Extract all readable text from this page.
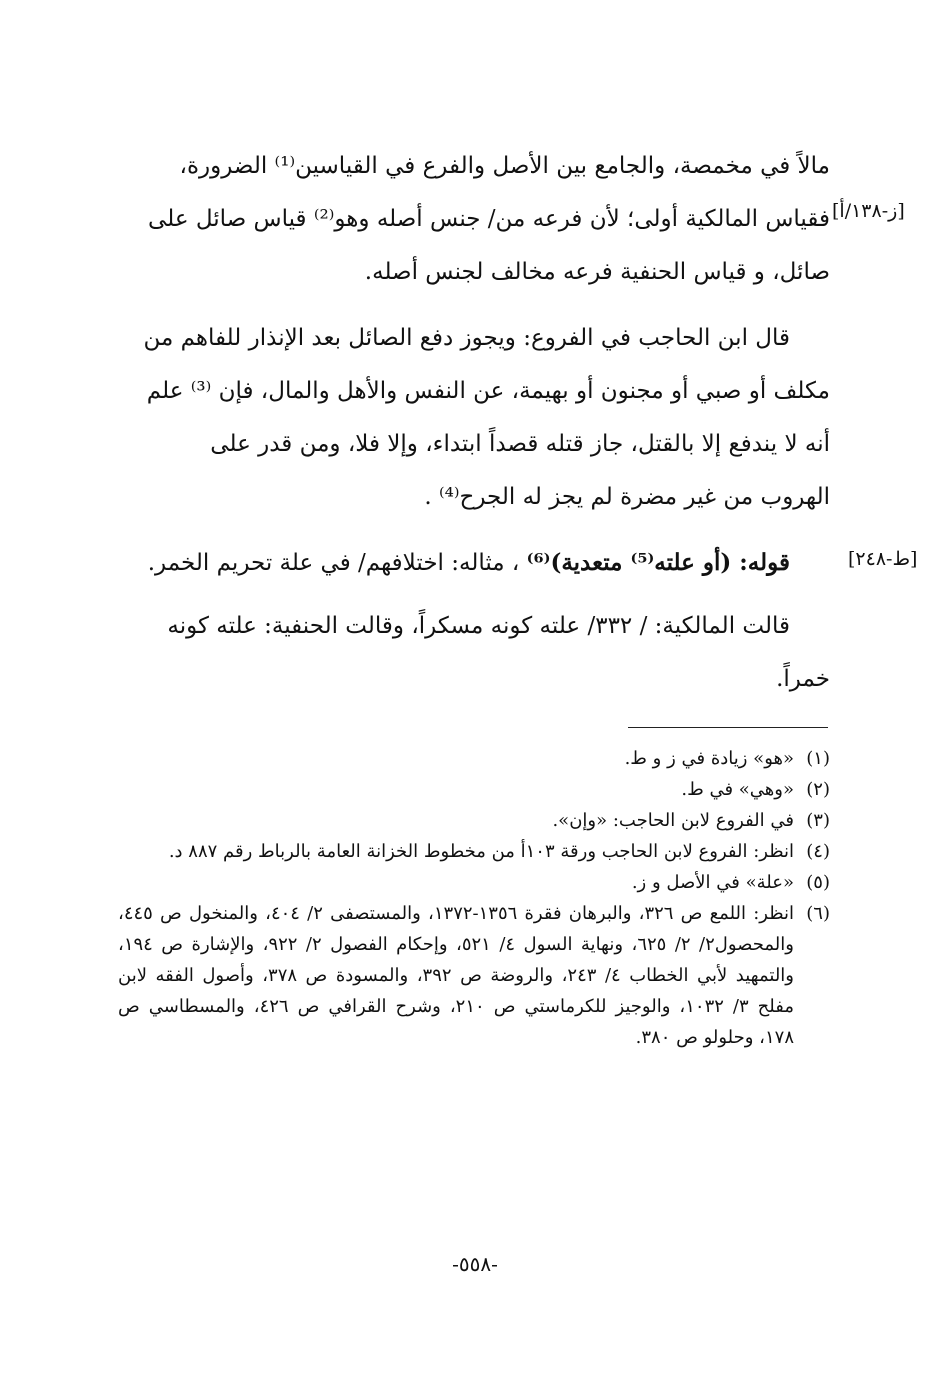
[ز-١٣٨/أ]
[ط-٢٤٨]

مالاً في مخمصة، والجامع بين الأصل والفرع في القياسين⁽¹⁾ الضرورة،

فقياس المالكية أولى؛ لأن فرعه من/ جنس أصله وهو⁽²⁾ قياس صائل على

صائل، و قياس الحنفية فرعه مخالف لجنس أصله.

قال ابن الحاجب في الفروع: ويجوز دفع الصائل بعد الإنذار للفاهم من

مكلف أو صبي أو مجنون أو بهيمة، عن النفس والأهل والمال، فإن ⁽³⁾ علم

أنه لا يندفع إلا بالقتل، جاز قتله قصداً ابتداء، وإلا فلا، ومن قدر على

الهروب من غير مضرة لم يجز له الجرح⁽⁴⁾ .

قوله: (أو علته⁽⁵⁾ متعدية)⁽⁶⁾ ، مثاله: اختلافهم/ في علة تحريم الخمر.

قالت المالكية: / ٣٣٢/ علته كونه مسكراً، وقالت الحنفية: علته كونه

خمراً.

(١)
«هو» زيادة في ز و ط.
(٢)
«وهي» في ط.
(٣)
في الفروع لابن الحاجب: «وإن».
(٤)
انظر: الفروع لابن الحاجب ورقة ١٠٣أ من مخطوط الخزانة العامة بالرباط رقم ٨٨٧ د.
(٥)
«علة» في الأصل و ز.
(٦)
انظر: اللمع ص ٣٢٦، والبرهان فقرة ١٣٥٦-١٣٧٢، والمستصفى ٢/ ٤٠٤، والمنخول ص ٤٤٥، والمحصول٢/ ٢/ ٦٢٥، ونهاية السول ٤/ ٥٢١، وإحكام الفصول ٢/ ٩٢٢، والإشارة ص ١٩٤، والتمهيد لأبي الخطاب ٤/ ٢٤٣، والروضة ص ٣٩٢، والمسودة ص ٣٧٨، وأصول الفقه لابن مفلح ٣/ ١٠٣٢، والوجيز للكرماستي ص ٢١٠، وشرح القرافي ص ٤٢٦، والمسطاسي ص ١٧٨، وحلولو ص ٣٨٠.
-٥٥٨-
